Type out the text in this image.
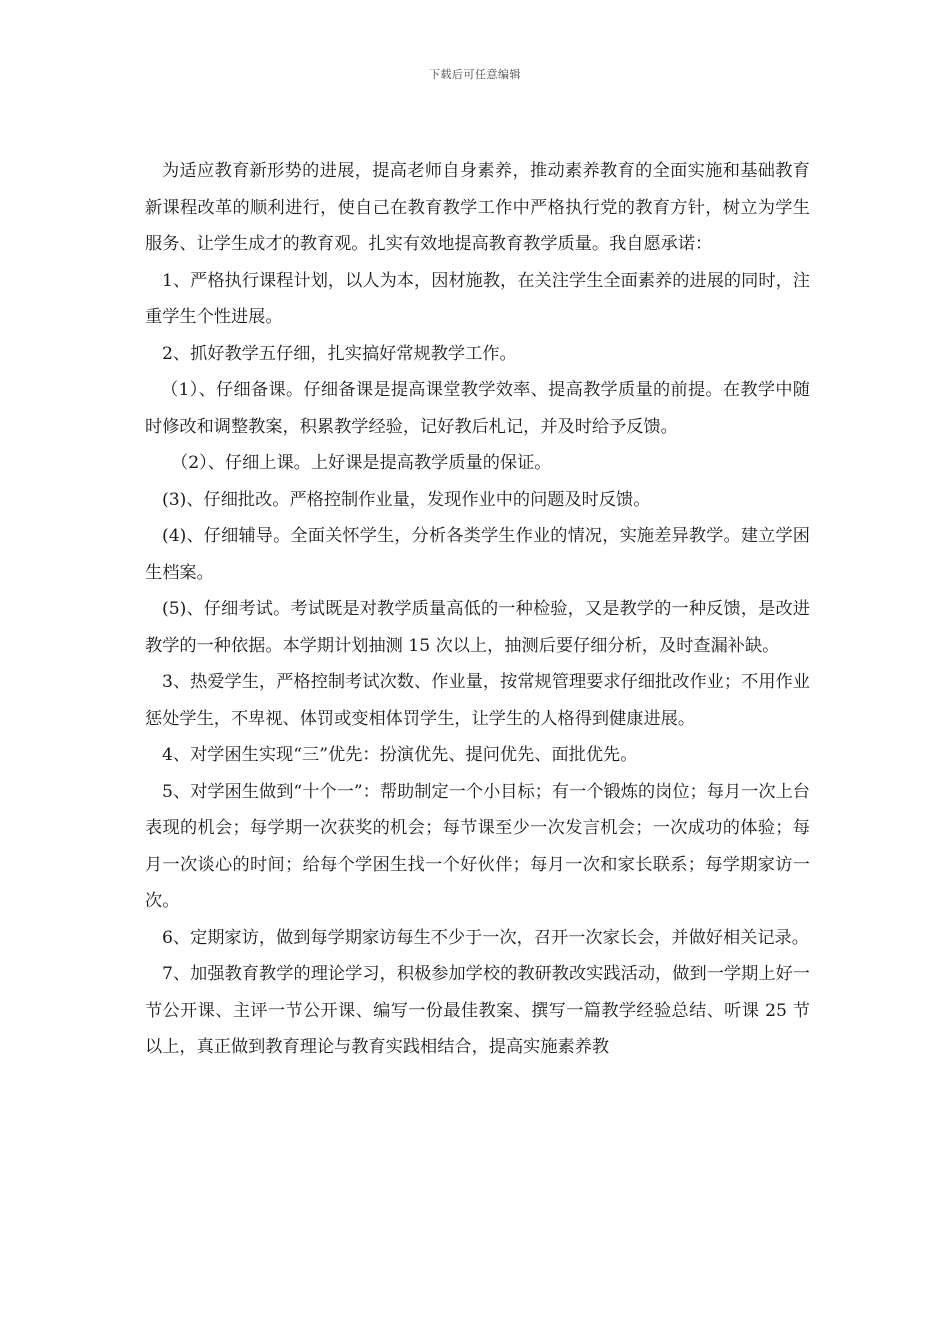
下载后可任意编辑

为适应教育新形势的进展，提高老师自身素养，推动素养教育的全面实施和基础教育新课程改革的顺利进行，使自己在教育教学工作中严格执行党的教育方针，树立为学生服务、让学生成才的教育观。扎实有效地提高教育教学质量。我自愿承诺：

1、严格执行课程计划，以人为本，因材施教，在关注学生全面素养的进展的同时，注重学生个性进展。

2、抓好教学五仔细，扎实搞好常规教学工作。

（1）、仔细备课。仔细备课是提高课堂教学效率、提高教学质量的前提。在教学中随时修改和调整教案，积累教学经验，记好教后札记，并及时给予反馈。

（2）、仔细上课。上好课是提高教学质量的保证。

(3)、仔细批改。严格控制作业量，发现作业中的问题及时反馈。

(4)、仔细辅导。全面关怀学生，分析各类学生作业的情况，实施差异教学。建立学困生档案。

(5)、仔细考试。考试既是对教学质量高低的一种检验，又是教学的一种反馈，是改进教学的一种依据。本学期计划抽测 15 次以上，抽测后要仔细分析，及时查漏补缺。

3、热爱学生，严格控制考试次数、作业量，按常规管理要求仔细批改作业；不用作业惩处学生，不卑视、体罚或变相体罚学生，让学生的人格得到健康进展。

4、对学困生实现“三”优先：扮演优先、提问优先、面批优先。

5、对学困生做到“十个一”：帮助制定一个小目标；有一个锻炼的岗位；每月一次上台表现的机会；每学期一次获奖的机会；每节课至少一次发言机会；一次成功的体验；每月一次谈心的时间；给每个学困生找一个好伙伴；每月一次和家长联系；每学期家访一次。

6、定期家访，做到每学期家访每生不少于一次，召开一次家长会，并做好相关记录。

7、加强教育教学的理论学习，积极参加学校的教研教改实践活动，做到一学期上好一节公开课、主评一节公开课、编写一份最佳教案、撰写一篇教学经验总结、听课 25 节以上，真正做到教育理论与教育实践相结合，提高实施素养教
